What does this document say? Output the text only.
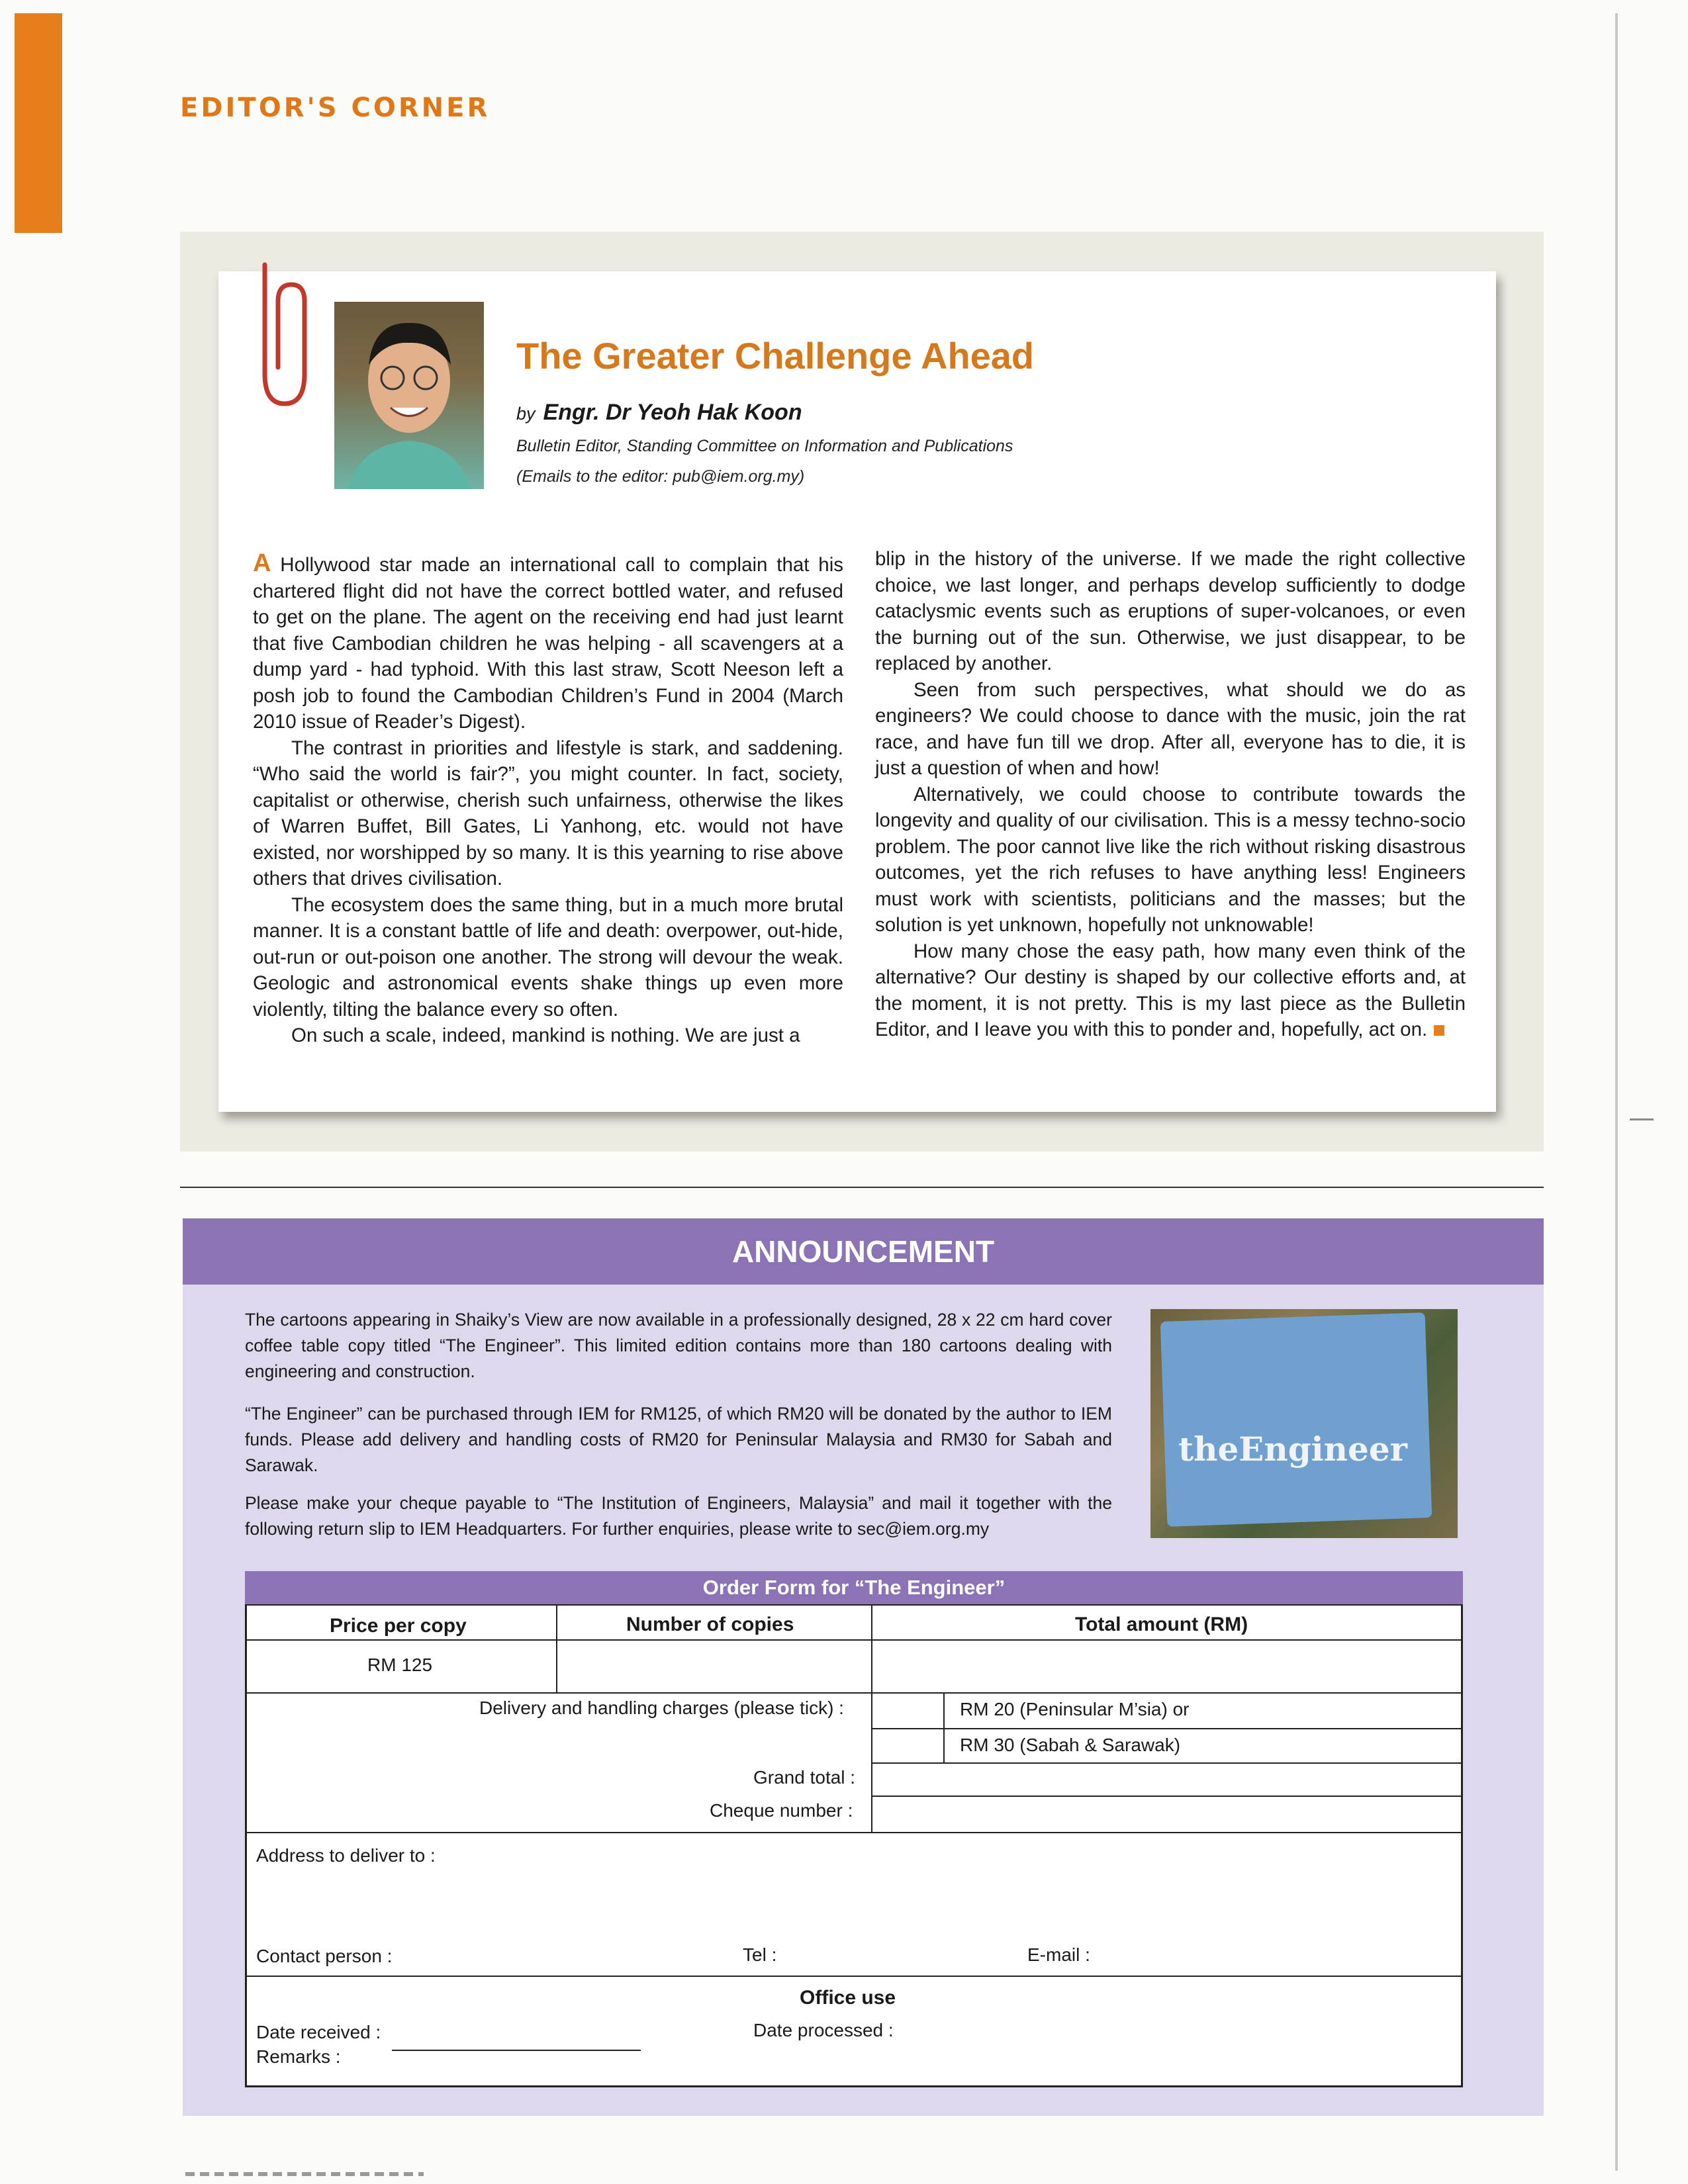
EDITOR'S CORNER
The Greater Challenge Ahead
by Engr. Dr Yeoh Hak Koon
Bulletin Editor, Standing Committee on Information and Publications
(Emails to the editor: pub@iem.org.my)

A Hollywood star made an international call to complain that his chartered flight did not have the correct bottled water, and refused to get on the plane. The agent on the receiving end had just learnt that five Cambodian children he was helping - all scavengers at a dump yard - had typhoid. With this last straw, Scott Neeson left a posh job to found the Cambodian Children’s Fund in 2004 (March 2010 issue of Reader’s Digest).

The contrast in priorities and lifestyle is stark, and saddening. “Who said the world is fair?”, you might counter. In fact, society, capitalist or otherwise, cherish such unfairness, otherwise the likes of Warren Buffet, Bill Gates, Li Yanhong, etc. would not have existed, nor worshipped by so many. It is this yearning to rise above others that drives civilisation.

The ecosystem does the same thing, but in a much more brutal manner. It is a constant battle of life and death: overpower, out-hide, out-run or out-poison one another. The strong will devour the weak. Geologic and astronomical events shake things up even more violently, tilting the balance every so often.

On such a scale, indeed, mankind is nothing. We are just a

blip in the history of the universe. If we made the right collective choice, we last longer, and perhaps develop sufficiently to dodge cataclysmic events such as eruptions of super-volcanoes, or even the burning out of the sun. Otherwise, we just disappear, to be replaced by another.

Seen from such perspectives, what should we do as engineers? We could choose to dance with the music, join the rat race, and have fun till we drop. After all, everyone has to die, it is just a question of when and how!

Alternatively, we could choose to contribute towards the longevity and quality of our civilisation. This is a messy techno-socio problem. The poor cannot live like the rich without risking disastrous outcomes, yet the rich refuses to have anything less! Engineers must work with scientists, politicians and the masses; but the solution is yet unknown, hopefully not unknowable!

How many chose the easy path, how many even think of the alternative? Our destiny is shaped by our collective efforts and, at the moment, it is not pretty. This is my last piece as the Bulletin Editor, and I leave you with this to ponder and, hopefully, act on.

ANNOUNCEMENT
The cartoons appearing in Shaiky’s View are now available in a professionally designed, 28 x 22 cm hard cover coffee table copy titled “The Engineer”. This limited edition contains more than 180 cartoons dealing with engineering and construction.
“The Engineer” can be purchased through IEM for RM125, of which RM20 will be donated by the author to IEM funds. Please add delivery and handling costs of RM20 for Peninsular Malaysia and RM30 for Sabah and Sarawak.
Please make your cheque payable to “The Institution of Engineers, Malaysia” and mail it together with the following return slip to IEM Headquarters. For further enquiries, please write to sec@iem.org.my
theEngineer
Order Form for “The Engineer”
Price per copy	Number of copies	Total amount (RM)
RM 125
Delivery and handling charges (please tick) :	RM 20 (Peninsular M’sia) or
RM 30 (Sabah & Sarawak)
Grand total :
Cheque number :
Address to deliver to :
Contact person :	Tel :	E-mail :
Office use
Date received :	Date processed :
Remarks :
